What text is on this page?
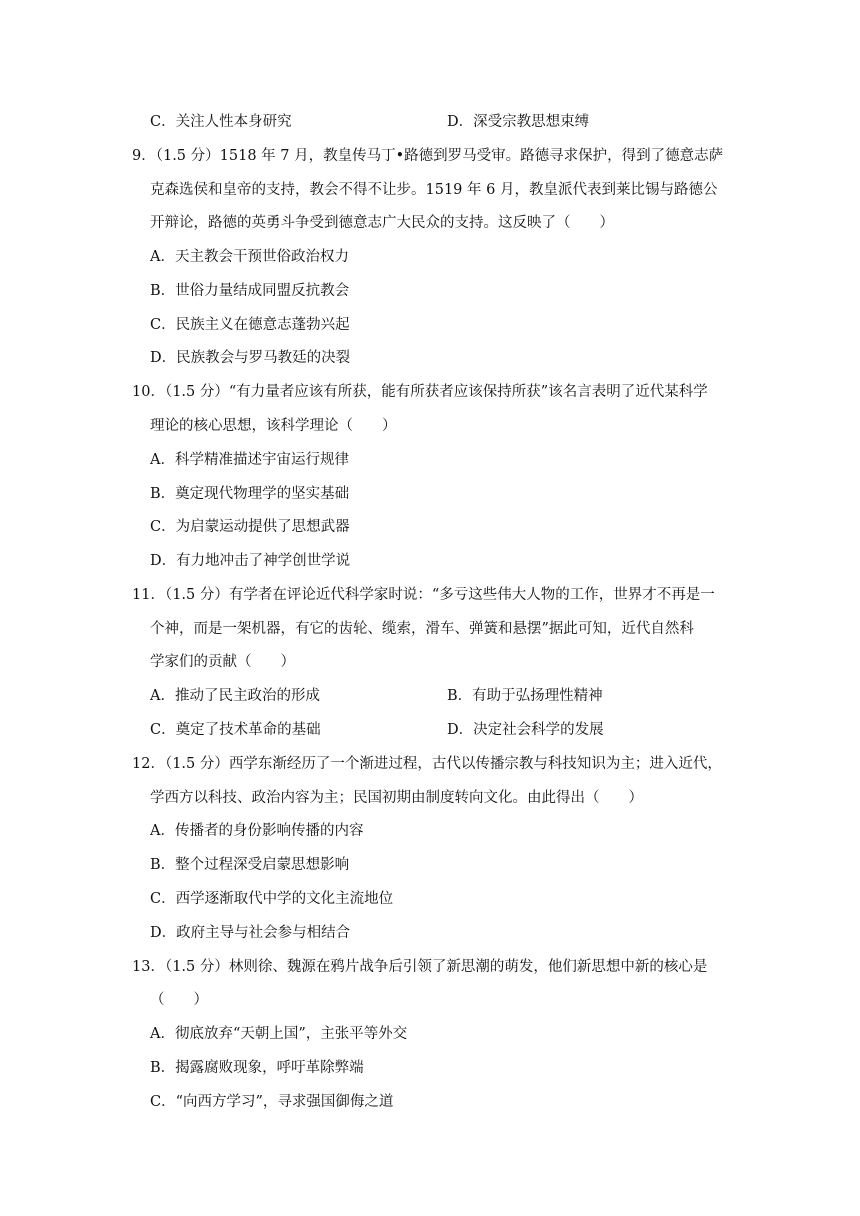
C．关注人性本身研究	D．深受宗教思想束缚
9．（1.5 分）1518 年 7 月，教皇传马丁•路德到罗马受审。路德寻求保护，得到了德意志萨
克森选侯和皇帝的支持，教会不得不让步。1519 年 6 月，教皇派代表到莱比锡与路德公
开辩论，路德的英勇斗争受到德意志广大民众的支持。这反映了（　　）
A．天主教会干预世俗政治权力
B．世俗力量结成同盟反抗教会
C．民族主义在德意志蓬勃兴起
D．民族教会与罗马教廷的决裂
10．（1.5 分）“有力量者应该有所获，能有所获者应该保持所获”该名言表明了近代某科学
理论的核心思想，该科学理论（　　）
A．科学精准描述宇宙运行规律
B．奠定现代物理学的坚实基础
C．为启蒙运动提供了思想武器
D．有力地冲击了神学创世学说
11．（1.5 分）有学者在评论近代科学家时说：“多亏这些伟大人物的工作，世界才不再是一
个神，而是一架机器，有它的齿轮、缆索，滑车、弹簧和悬摆”据此可知，近代自然科
学家们的贡献（　　）
A．推动了民主政治的形成	B．有助于弘扬理性精神
C．奠定了技术革命的基础	D．决定社会科学的发展
12．（1.5 分）西学东渐经历了一个渐进过程，古代以传播宗教与科技知识为主；进入近代，
学西方以科技、政治内容为主；民国初期由制度转向文化。由此得出（　　）
A．传播者的身份影响传播的内容
B．整个过程深受启蒙思想影响
C．西学逐渐取代中学的文化主流地位
D．政府主导与社会参与相结合
13．（1.5 分）林则徐、魏源在鸦片战争后引领了新思潮的萌发，他们新思想中新的核心是
（　　）
A．彻底放弃“天朝上国”，主张平等外交
B．揭露腐败现象，呼吁革除弊端
C．“向西方学习”，寻求强国御侮之道
